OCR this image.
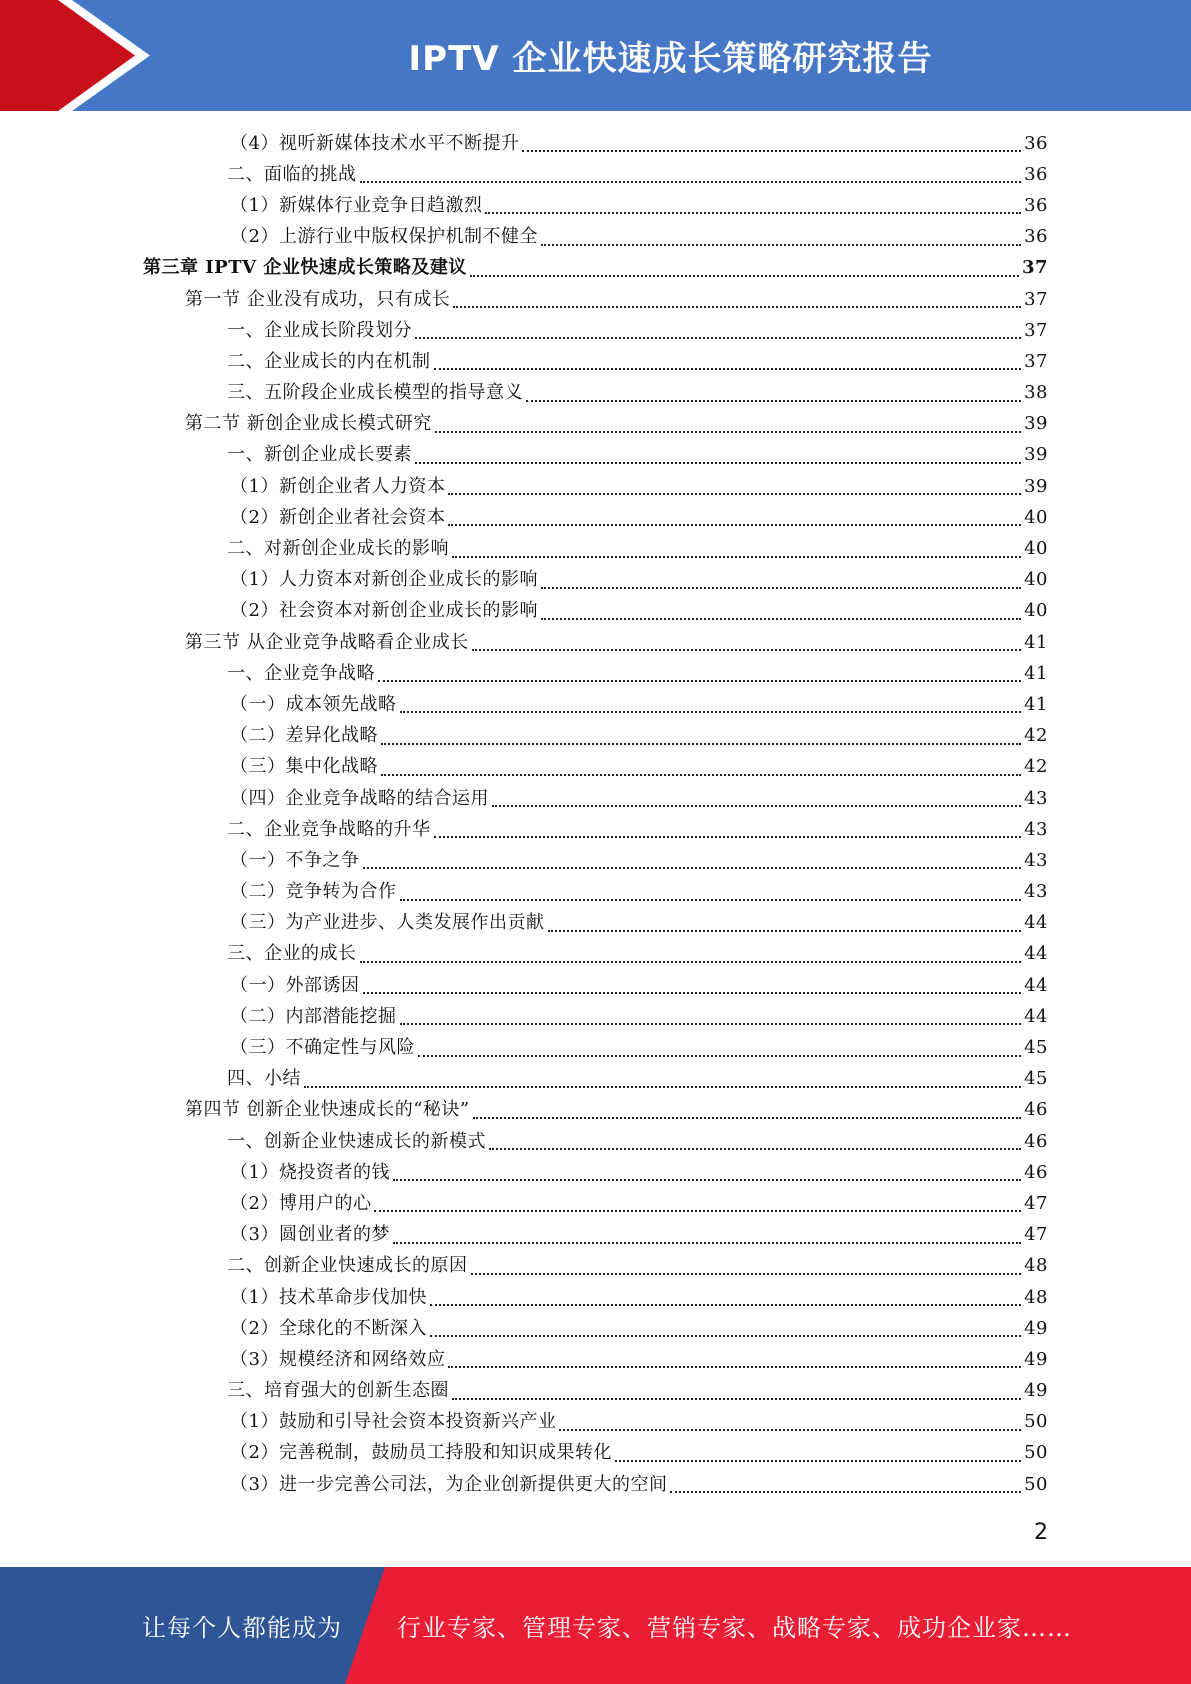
IPTV 企业快速成长策略研究报告
（4）视听新媒体技术水平不断提升	36
二、面临的挑战	36
（1）新媒体行业竞争日趋激烈	36
（2）上游行业中版权保护机制不健全	36
第三章 IPTV 企业快速成长策略及建议	37
第一节 企业没有成功，只有成长	37
一、企业成长阶段划分	37
二、企业成长的内在机制	37
三、五阶段企业成长模型的指导意义	38
第二节 新创企业成长模式研究	39
一、新创企业成长要素	39
（1）新创企业者人力资本	39
（2）新创企业者社会资本	40
二、对新创企业成长的影响	40
（1）人力资本对新创企业成长的影响	40
（2）社会资本对新创企业成长的影响	40
第三节 从企业竞争战略看企业成长	41
一、企业竞争战略	41
（一）成本领先战略	41
（二）差异化战略	42
（三）集中化战略	42
（四）企业竞争战略的结合运用	43
二、企业竞争战略的升华	43
（一）不争之争	43
（二）竞争转为合作	43
（三）为产业进步、人类发展作出贡献	44
三、企业的成长	44
（一）外部诱因	44
（二）内部潜能挖掘	44
（三）不确定性与风险	45
四、小结	45
第四节 创新企业快速成长的“秘诀”	46
一、创新企业快速成长的新模式	46
（1）烧投资者的钱	46
（2）博用户的心	47
（3）圆创业者的梦	47
二、创新企业快速成长的原因	48
（1）技术革命步伐加快	48
（2）全球化的不断深入	49
（3）规模经济和网络效应	49
三、培育强大的创新生态圈	49
（1）鼓励和引导社会资本投资新兴产业	50
（2）完善税制，鼓励员工持股和知识成果转化	50
（3）进一步完善公司法，为企业创新提供更大的空间	50
2
让每个人都能成为 行业专家、管理专家、营销专家、战略专家、成功企业家……
